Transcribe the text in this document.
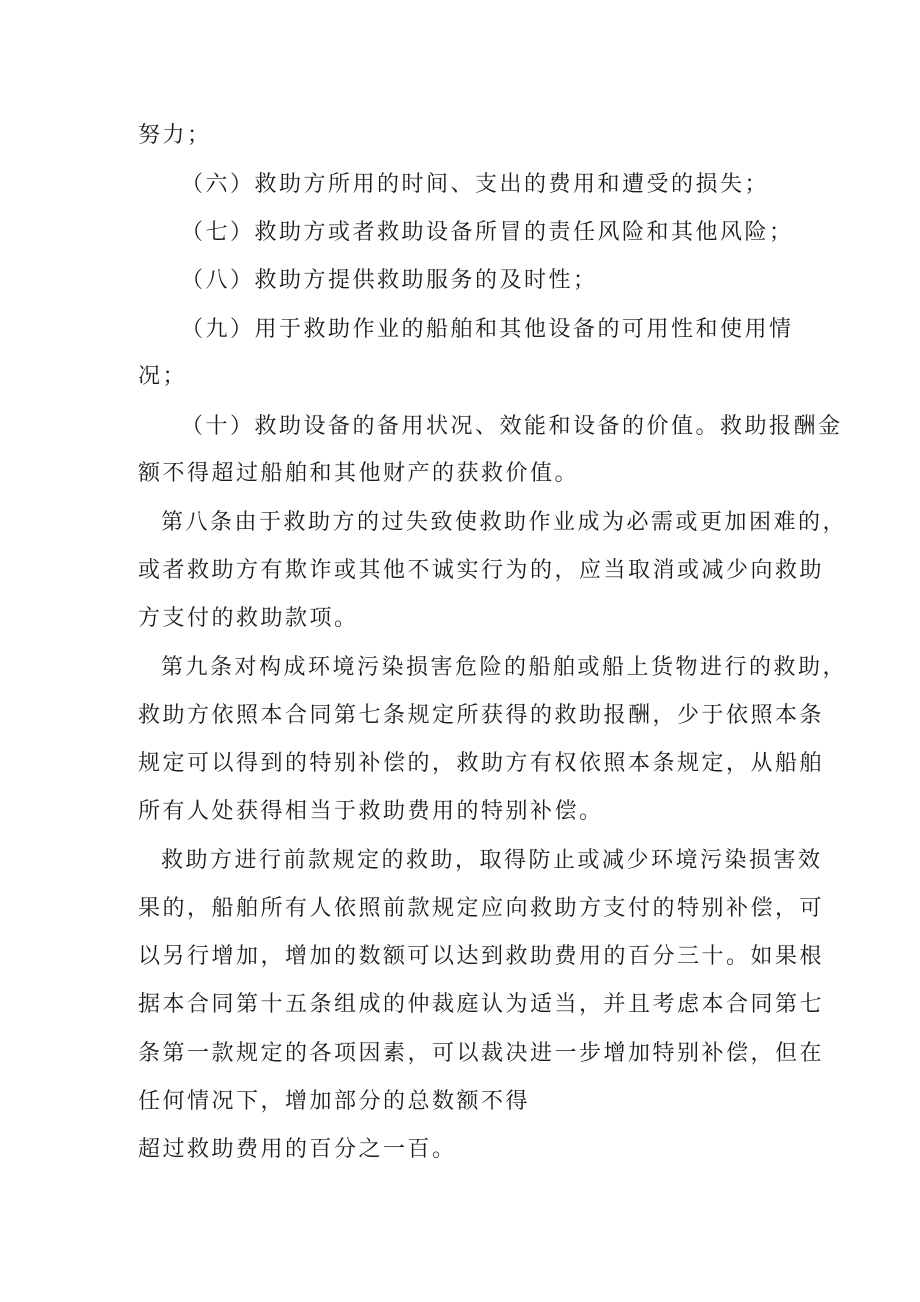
努力；
（六）救助方所用的时间、支出的费用和遭受的损失；
（七）救助方或者救助设备所冒的责任风险和其他风险；
（八）救助方提供救助服务的及时性；
（九）用于救助作业的船舶和其他设备的可用性和使用情
况；
（十）救助设备的备用状况、效能和设备的价值。救助报酬金
额不得超过船舶和其他财产的获救价值。
第八条由于救助方的过失致使救助作业成为必需或更加困难的，
或者救助方有欺诈或其他不诚实行为的，应当取消或减少向救助
方支付的救助款项。
第九条对构成环境污染损害危险的船舶或船上货物进行的救助，
救助方依照本合同第七条规定所获得的救助报酬，少于依照本条
规定可以得到的特别补偿的，救助方有权依照本条规定，从船舶
所有人处获得相当于救助费用的特别补偿。
救助方进行前款规定的救助，取得防止或减少环境污染损害效
果的，船舶所有人依照前款规定应向救助方支付的特别补偿，可
以另行增加，增加的数额可以达到救助费用的百分三十。如果根
据本合同第十五条组成的仲裁庭认为适当，并且考虑本合同第七
条第一款规定的各项因素，可以裁决进一步增加特别补偿，但在
任何情况下，增加部分的总数额不得
超过救助费用的百分之一百。
